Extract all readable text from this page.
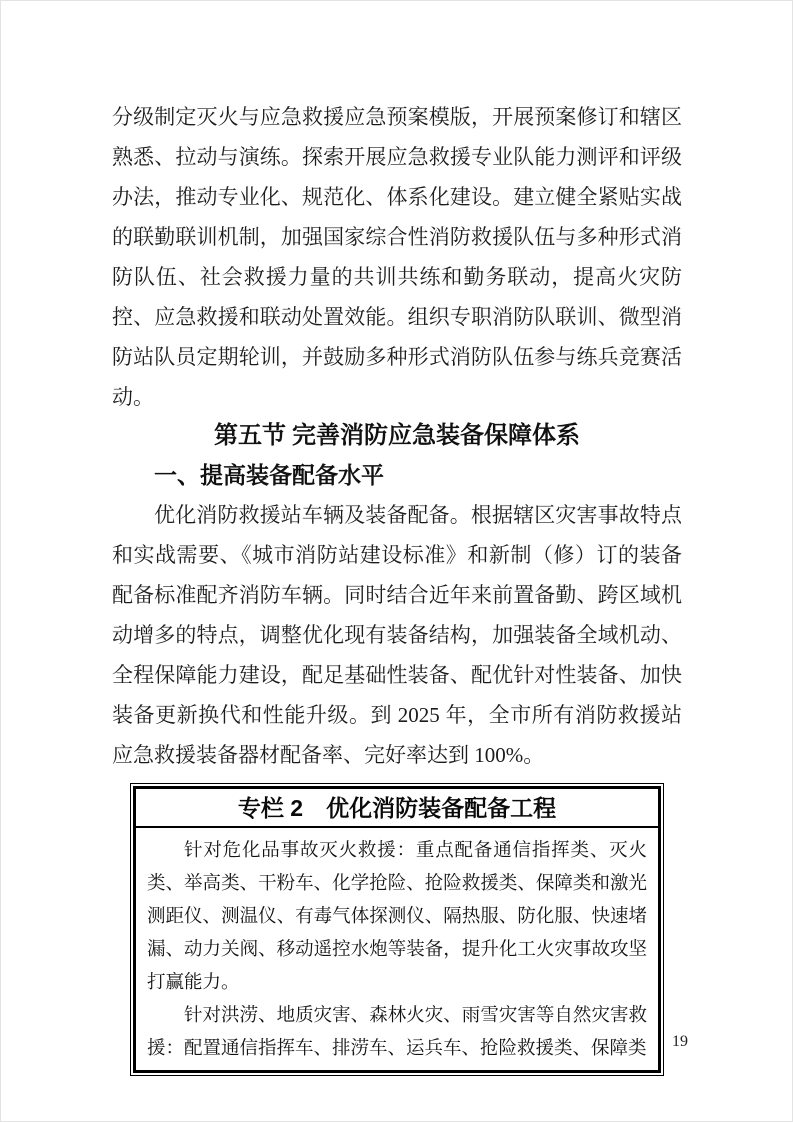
分级制定灭火与应急救援应急预案模版，开展预案修订和辖区熟悉、拉动与演练。探索开展应急救援专业队能力测评和评级办法，推动专业化、规范化、体系化建设。建立健全紧贴实战的联勤联训机制，加强国家综合性消防救援队伍与多种形式消防队伍、社会救援力量的共训共练和勤务联动，提高火灾防控、应急救援和联动处置效能。组织专职消防队联训、微型消防站队员定期轮训，并鼓励多种形式消防队伍参与练兵竞赛活动。

第五节 完善消防应急装备保障体系
一、提高装备配备水平

优化消防救援站车辆及装备配备。根据辖区灾害事故特点和实战需要、《城市消防站建设标准》和新制（修）订的装备配备标准配齐消防车辆。同时结合近年来前置备勤、跨区域机动增多的特点，调整优化现有装备结构，加强装备全域机动、全程保障能力建设，配足基础性装备、配优针对性装备、加快装备更新换代和性能升级。到 2025 年，全市所有消防救援站应急救援装备器材配备率、完好率达到 100%。

专栏 2　优化消防装备配备工程

针对危化品事故灭火救援：重点配备通信指挥类、灭火类、举高类、干粉车、化学抢险、抢险救援类、保障类和激光测距仪、测温仪、有毒气体探测仪、隔热服、防化服、快速堵漏、动力关阀、移动遥控水炮等装备，提升化工火灾事故攻坚打赢能力。

针对洪涝、地质灾害、森林火灾、雨雪灾害等自然灾害救援：配置通信指挥车、排涝车、运兵车、抢险救援类、保障类	19
